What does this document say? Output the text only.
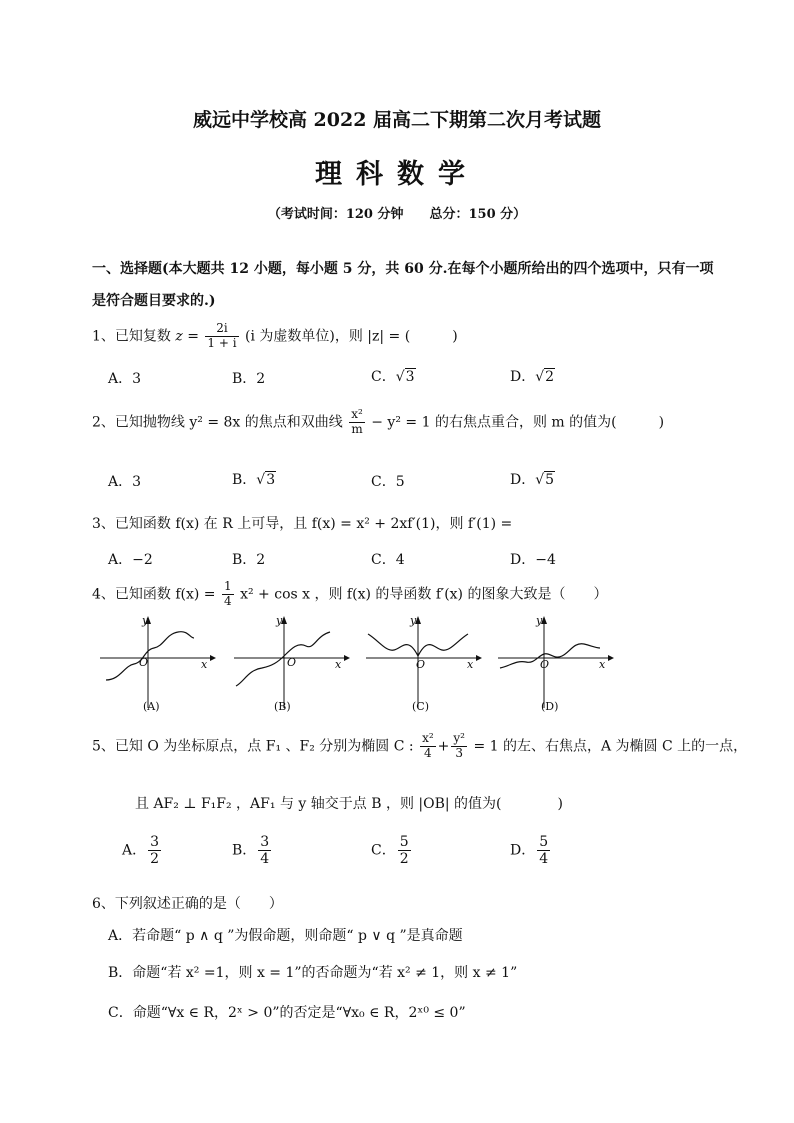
威远中学校高 2022 届高二下期第二次月考试题
理科数学
（考试时间：120 分钟　　总分：150 分）
一、选择题(本大题共 12 小题，每小题 5 分，共 60 分.在每个小题所给出的四个选项中，只有一项
是符合题目要求的.)
1、已知复数 $z = \frac{2i}{1 + i} (i$ 为虚数单位)，则 |z| = (　　　)
A．3	B．2	C．√3	D．√2
2、已知抛物线 y² = 8x 的焦点和双曲线 $\frac{\text{x²}}{m} - y^2 = 1$ 的右焦点重合，则 m 的值为(　　　)
A．3	B．√3	C．5	D．√5
3、已知函数 f(x) 在 R 上可导，且 f(x) = x² + 2xf′(1)，则 f′(1) =
A．−2	B．2	C．4	D．−4
4、已知函数 $f(x) = \frac{1}{4} x^2 + \cos x$ ，则 f(x) 的导函数 f′(x) 的图象大致是（　　）
y
x
O
(A)
y
x
O
(B)
y
x
O
(C)
y
x
O
(D)
5、已知 O 为坐标原点，点 F₁ 、F₂ 分别为椭圆 C : $\frac{\text{x²}}{4} + \frac{\text{y²}}{3} = 1$ 的左、右焦点，A 为椭圆 C 上的一点，
且 AF₂ ⊥ F₁F₂ ，AF₁ 与 y 轴交于点 B ，则 |OB| 的值为(　　　　)
A． $\frac{3}{2}$	B． $\frac{3}{4}$	C． $\frac{5}{2}$	D． $\frac{5}{4}$
6、下列叙述正确的是（　　）
A．若命题“ p ∧ q ”为假命题，则命题“ p ∨ q ”是真命题
B．命题“若 x² =1，则 x = 1”的否命题为“若 x² ≠ 1，则 x ≠ 1”
C．命题“∀x ∈ R，2ˣ > 0”的否定是“∀x₀ ∈ R，2ˣ⁰ ≤ 0”
